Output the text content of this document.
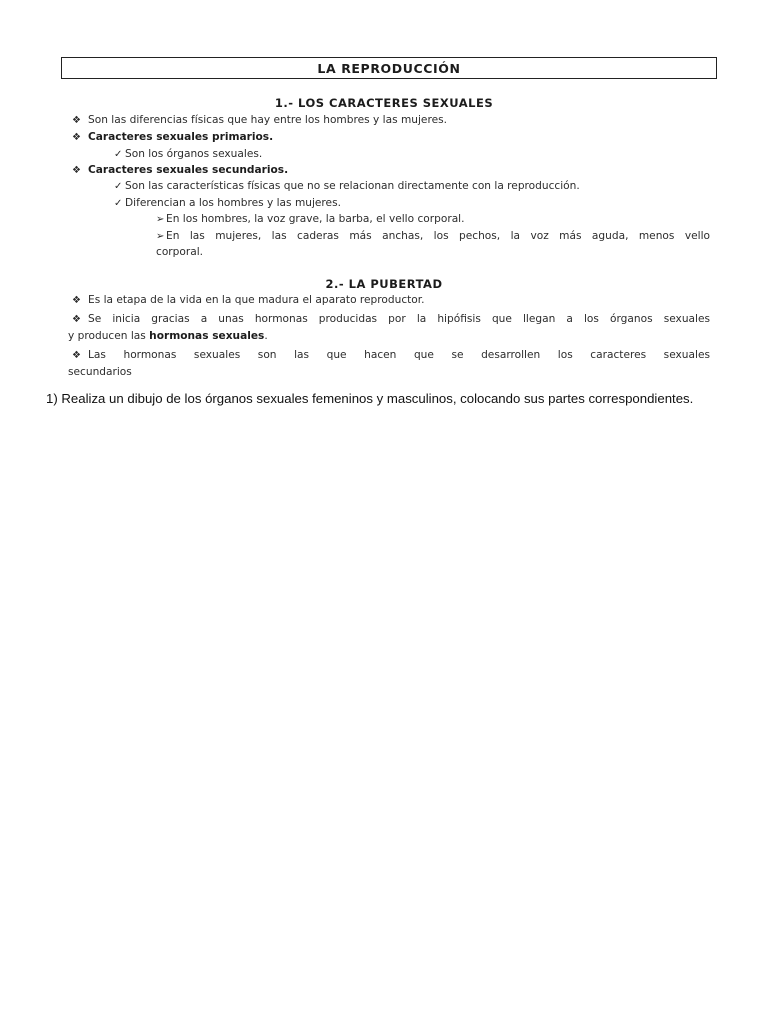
LA REPRODUCCIÓN
1.- LOS CARACTERES SEXUALES
❖ Son las diferencias físicas que hay entre los hombres y las mujeres.
❖ Caracteres sexuales primarios.
✓ Son los órganos sexuales.
❖ Caracteres sexuales secundarios.
✓ Son las características físicas que no se relacionan directamente con la reproducción.
✓ Diferencian a los hombres y las mujeres.
➢ En los hombres, la voz grave, la barba, el vello corporal.
➢ En las mujeres, las caderas más anchas, los pechos, la voz más aguda, menos vello
corporal.
2.- LA PUBERTAD
❖ Es la etapa de la vida en la que madura el aparato reproductor.
❖ Se inicia gracias a unas hormonas producidas por la hipófisis que llegan a los órganos sexuales
y producen las hormonas sexuales.
❖ Las hormonas sexuales son las que hacen que se desarrollen los caracteres sexuales
secundarios
1) Realiza un dibujo de los órganos sexuales femeninos y masculinos, colocando sus partes correspondientes.
